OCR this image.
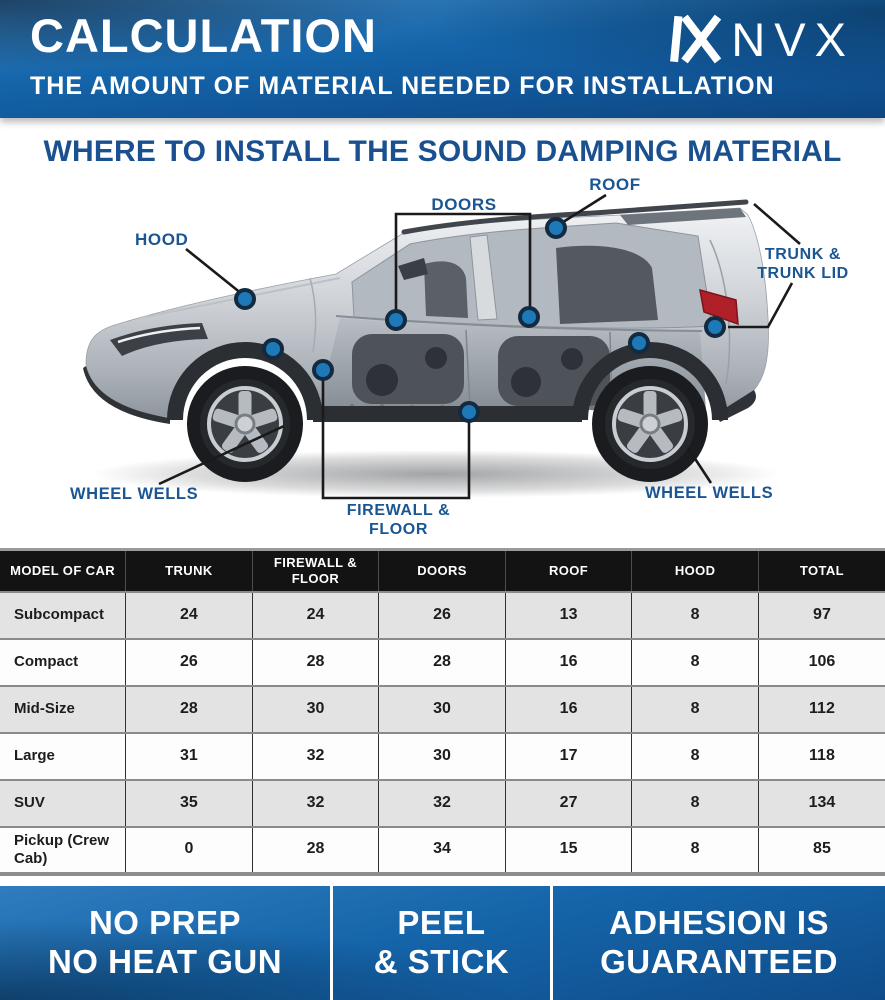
CALCULATION	NVX
THE AMOUNT OF MATERIAL NEEDED FOR INSTALLATION
WHERE TO INSTALL THE SOUND DAMPING MATERIAL
HOOD
DOORS
ROOF
TRUNK &
TRUNK LID
WHEEL WELLS	WHEEL WELLS
FIREWALL &
FLOOR
MODEL OF CAR	TRUNK	FIREWALL & FLOOR	DOORS	ROOF	HOOD	TOTAL
Subcompact	24	24	26	13	8	97
Compact	26	28	28	16	8	106
Mid-Size	28	30	30	16	8	112
Large	31	32	30	17	8	118
SUV	35	32	32	27	8	134
Pickup (Crew Cab)	0	28	34	15	8	85
NO PREP
NO HEAT GUN
PEEL
& STICK
ADHESION IS
GUARANTEED
